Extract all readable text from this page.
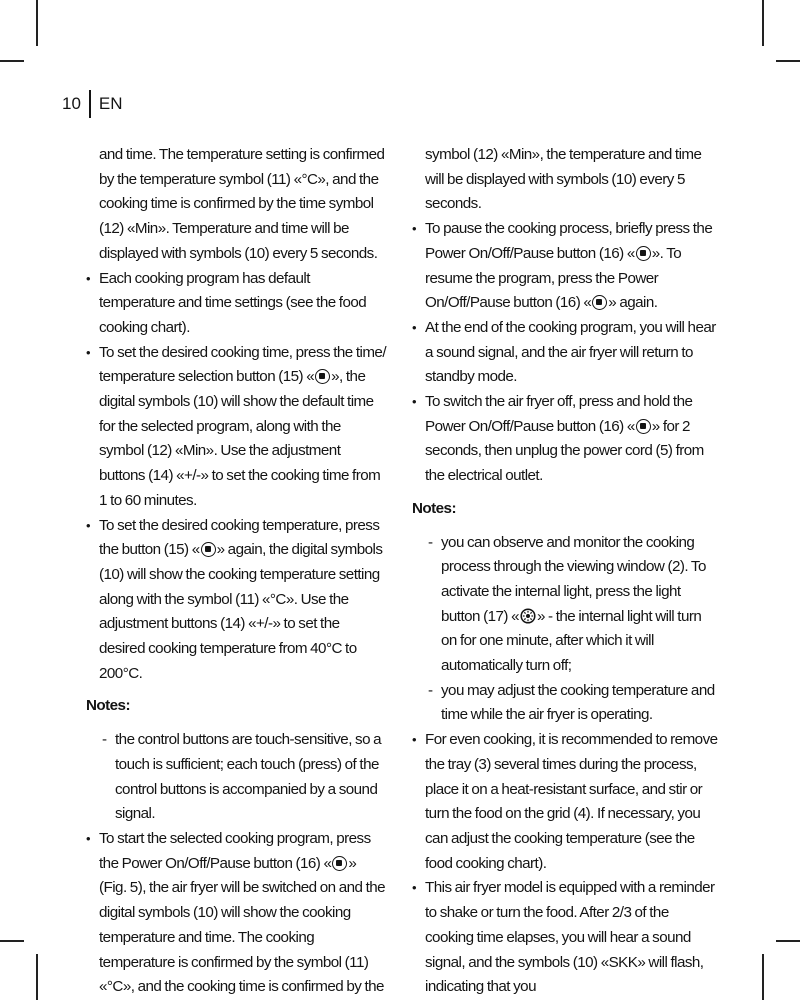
10	EN

and time. The temperature setting is confirmed by the temperature symbol (11) «°C», and the cooking time is confirmed by the time symbol (12) «Min». Temperature and time will be displayed with symbols (10) every 5 seconds.

• Each cooking program has default temperature and time settings (see the food cooking chart).
• To set the desired cooking time, press the time/ temperature selection button (15) « », the digital symbols (10) will show the default time for the selected program, along with the symbol (12) «Min». Use the adjustment buttons (14) «+/-» to set the cooking time from 1 to 60 minutes.
• To set the desired cooking temperature, press the button (15) « » again, the digital symbols (10) will show the cooking temperature setting along with the symbol (11) «°C». Use the adjustment buttons (14) «+/-» to set the desired cooking temperature from 40°C to 200°C.
Notes:
- the control buttons are touch-sensitive, so a touch is sufficient; each touch (press) of the control buttons is accompanied by a sound signal.
• To start the selected cooking program, press the Power On/Off/Pause button (16) « » (Fig. 5), the air fryer will be switched on and the digital symbols (10) will show the cooking temperature and time. The cooking temperature is confirmed by the symbol (11) «°C», and the cooking time is confirmed by the

symbol (12) «Min», the temperature and time will be displayed with symbols (10) every 5 seconds.

• To pause the cooking process, briefly press the Power On/Off/Pause button (16) « ». To resume the program, press the Power On/Off/Pause button (16) « » again.
• At the end of the cooking program, you will hear a sound signal, and the air fryer will return to standby mode.
• To switch the air fryer off, press and hold the Power On/Off/Pause button (16) « » for 2 seconds, then unplug the power cord (5) from the electrical outlet.
Notes:
- you can observe and monitor the cooking process through the viewing window (2). To activate the internal light, press the light button (17) « » - the internal light will turn on for one minute, after which it will automatically turn off;
- you may adjust the cooking temperature and time while the air fryer is operating.
• For even cooking, it is recommended to remove the tray (3) several times during the process, place it on a heat-resistant surface, and stir or turn the food on the grid (4). If necessary, you can adjust the cooking temperature (see the food cooking chart).
• This air fryer model is equipped with a reminder to shake or turn the food. After 2/3 of the cooking time elapses, you will hear a sound signal, and the symbols (10) «SKK» will flash, indicating that you
